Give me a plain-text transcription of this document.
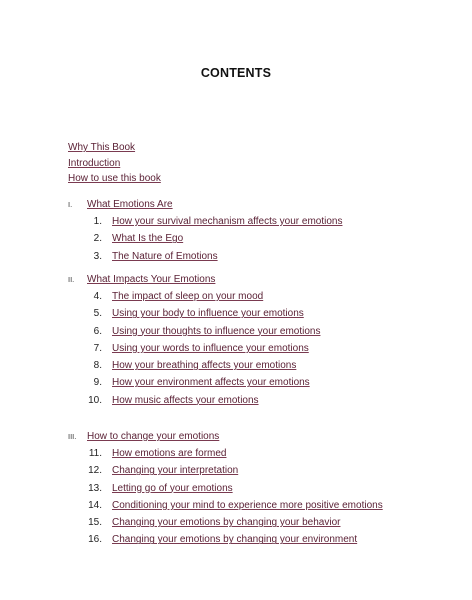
CONTENTS
Why This Book
Introduction
How to use this book
I. What Emotions Are
1. How your survival mechanism affects your emotions
2. What Is the Ego
3. The Nature of Emotions
II. What Impacts Your Emotions
4. The impact of sleep on your mood
5. Using your body to influence your emotions
6. Using your thoughts to influence your emotions
7. Using your words to influence your emotions
8. How your breathing affects your emotions
9. How your environment affects your emotions
10. How music affects your emotions
III. How to change your emotions
11. How emotions are formed
12. Changing your interpretation
13. Letting go of your emotions
14. Conditioning your mind to experience more positive emotions
15. Changing your emotions by changing your behavior
16. Changing your emotions by changing your environment
